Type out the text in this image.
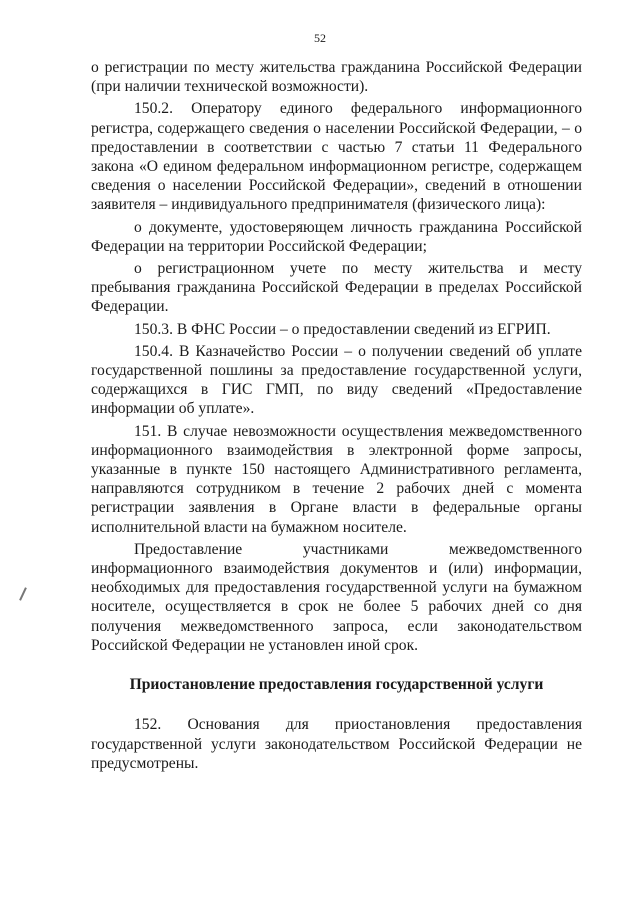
52

о регистрации по месту жительства гражданина Российской Федерации (при наличии технической возможности).

150.2. Оператору единого федерального информационного регистра, содержащего сведения о населении Российской Федерации, – о предоставлении в соответствии с частью 7 статьи 11 Федерального закона «О едином федеральном информационном регистре, содержащем сведения о населении Российской Федерации», сведений в отношении заявителя – индивидуального предпринимателя (физического лица):

о документе, удостоверяющем личность гражданина Российской Федерации на территории Российской Федерации;

о регистрационном учете по месту жительства и месту пребывания гражданина Российской Федерации в пределах Российской Федерации.

150.3. В ФНС России – о предоставлении сведений из ЕГРИП.

150.4. В Казначейство России – о получении сведений об уплате государственной пошлины за предоставление государственной услуги, содержащихся в ГИС ГМП, по виду сведений «Предоставление информации об уплате».

151. В случае невозможности осуществления межведомственного информационного взаимодействия в электронной форме запросы, указанные в пункте 150 настоящего Административного регламента, направляются сотрудником в течение 2 рабочих дней с момента регистрации заявления в Органе власти в федеральные органы исполнительной власти на бумажном носителе.

Предоставление участниками межведомственного информационного взаимодействия документов и (или) информации, необходимых для предоставления государственной услуги на бумажном носителе, осуществляется в срок не более 5 рабочих дней со дня получения межведомственного запроса, если законодательством Российской Федерации не установлен иной срок.

Приостановление предоставления государственной услуги

152. Основания для приостановления предоставления государственной услуги законодательством Российской Федерации не предусмотрены.
